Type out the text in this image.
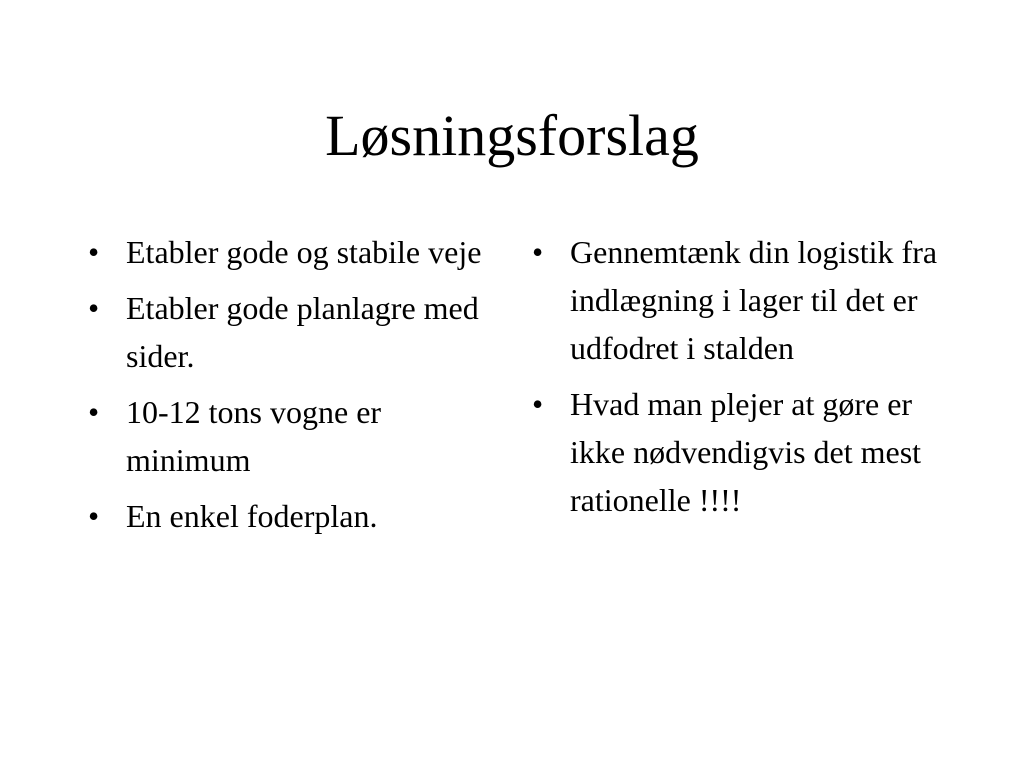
Løsningsforslag
• Etabler gode og stabile veje
• Etabler gode planlagre med sider.
• 10-12 tons vogne er minimum
• En enkel foderplan.
• Gennemtænk din logistik fra indlægning i lager til det er udfodret i stalden
• Hvad man plejer at gøre er ikke nødvendigvis det mest rationelle !!!!
